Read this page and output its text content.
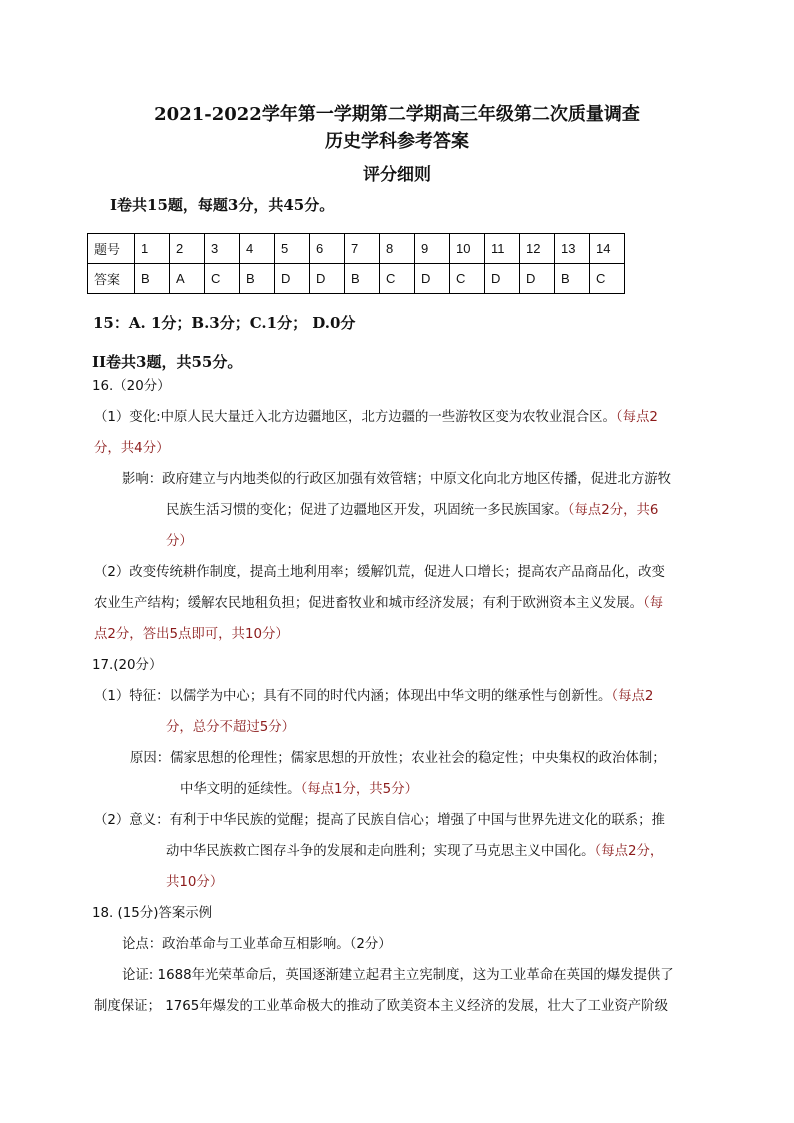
2021-2022学年第一学期第二学期高三年级第二次质量调查
历史学科参考答案
评分细则
I卷共15题，每题3分，共45分。
题号	1	2	3	4	5	6	7	8	9	10	11	12	13	14
答案	B	A	C	B	D	D	B	C	D	C	D	D	B	C
15：A. 1分；B.3分；C.1分； D.0分
II卷共3题，共55分。
16.（20分）
（1）变化:中原人民大量迁入北方边疆地区，北方边疆的一些游牧区变为农牧业混合区。（每点2
分，共4分）
影响：政府建立与内地类似的行政区加强有效管辖；中原文化向北方地区传播，促进北方游牧
民族生活习惯的变化；促进了边疆地区开发，巩固统一多民族国家。（每点2分，共6
分）
（2）改变传统耕作制度，提高土地利用率；缓解饥荒，促进人口增长；提高农产品商品化，改变
农业生产结构；缓解农民地租负担；促进畜牧业和城市经济发展；有利于欧洲资本主义发展。（每
点2分，答出5点即可，共10分）
17.(20分）
（1）特征：以儒学为中心；具有不同的时代内涵；体现出中华文明的继承性与创新性。（每点2
分，总分不超过5分）
原因：儒家思想的伦理性；儒家思想的开放性；农业社会的稳定性；中央集权的政治体制；
中华文明的延续性。（每点1分，共5分）
（2）意义：有利于中华民族的觉醒；提高了民族自信心；增强了中国与世界先进文化的联系；推
动中华民族救亡图存斗争的发展和走向胜利；实现了马克思主义中国化。（每点2分，
共10分）
18. (15分)答案示例
论点：政治革命与工业革命互相影响。（2分）
论证: 1688年光荣革命后，英国逐渐建立起君主立宪制度，这为工业革命在英国的爆发提供了
制度保证； 1765年爆发的工业革命极大的推动了欧美资本主义经济的发展，壮大了工业资产阶级
